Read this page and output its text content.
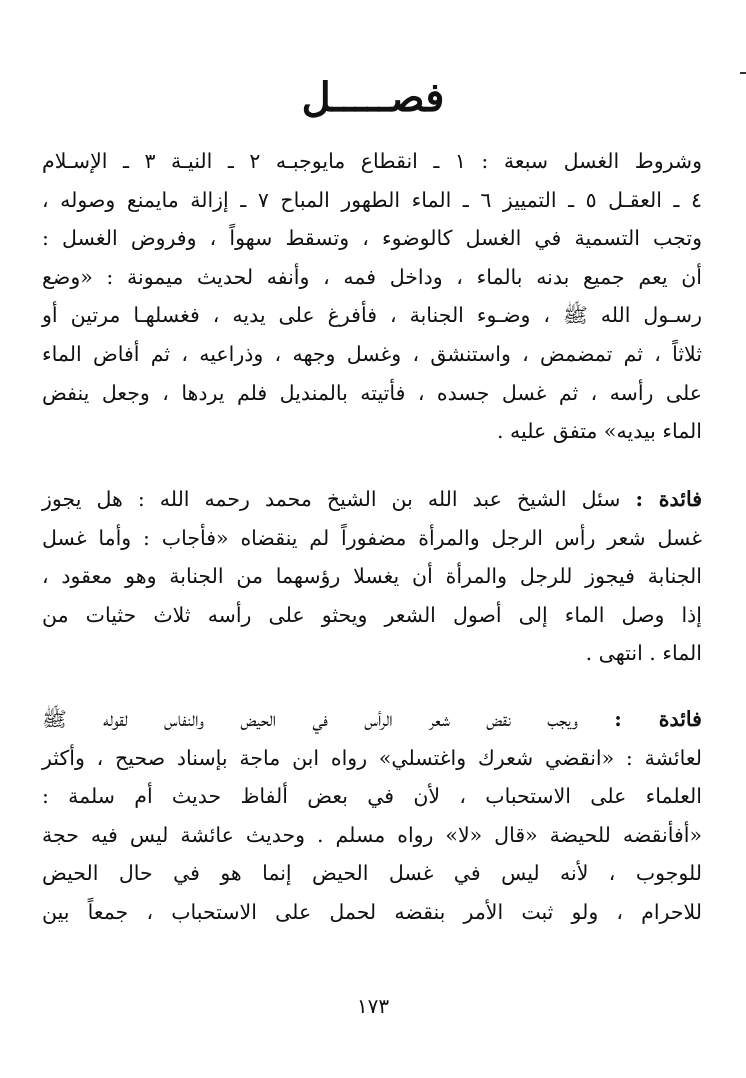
فصـــــل
وشروط الغسل سبعة : ١ ـ انقطاع مايوجبـه ٢ ـ النيـة ٣ ـ الإسـلام
٤ ـ العقـل ٥ ـ التمييز ٦ ـ الماء الطهور المباح ٧ ـ إزالة مايمنع وصوله ،
وتجب التسمية في الغسل كالوضوء ، وتسقط سهواً ، وفروض الغسل :
أن يعم جميع بدنه بالماء ، وداخل فمه ، وأنفه لحديث ميمونة : «وضع
رسـول الله ﷺ ، وضـوء الجنابة ، فأفرغ على يديه ، فغسلهـا مرتين أو
ثلاثاً ، ثم تمضمض ، واستنشق ، وغسل وجهه ، وذراعيه ، ثم أفاض الماء
على رأسه ، ثم غسل جسده ، فأتيته بالمنديل فلم يردها ، وجعل ينفض
الماء بيديه» متفق عليه .
فائدة : سئل الشيخ عبد الله بن الشيخ محمد رحمه الله : هل يجوز
غسل شعر رأس الرجل والمرأة مضفوراً لم ينقضاه «فأجاب : وأما غسل
الجنابة فيجوز للرجل والمرأة أن يغسلا رؤسهما من الجنابة وهو معقود ،
إذا وصل الماء إلى أصول الشعر ويحثو على رأسه ثلاث حثيات من
الماء . انتهى .
فائدة : ويجب نقض شعر الرأس في الحيض والنفاس لقوله ﷺ
لعائشة : «انقضي شعرك واغتسلي» رواه ابن ماجة بإسناد صحيح ، وأكثر
العلماء على الاستحباب ، لأن في بعض ألفاظ حديث أم سلمة :
«أفأنقضه للحيضة «قال «لا» رواه مسلم . وحديث عائشة ليس فيه حجة
للوجوب ، لأنه ليس في غسل الحيض إنما هو في حال الحيض
للاحرام ، ولو ثبت الأمر بنقضه لحمل على الاستحباب ، جمعاً بين
١٧٣
